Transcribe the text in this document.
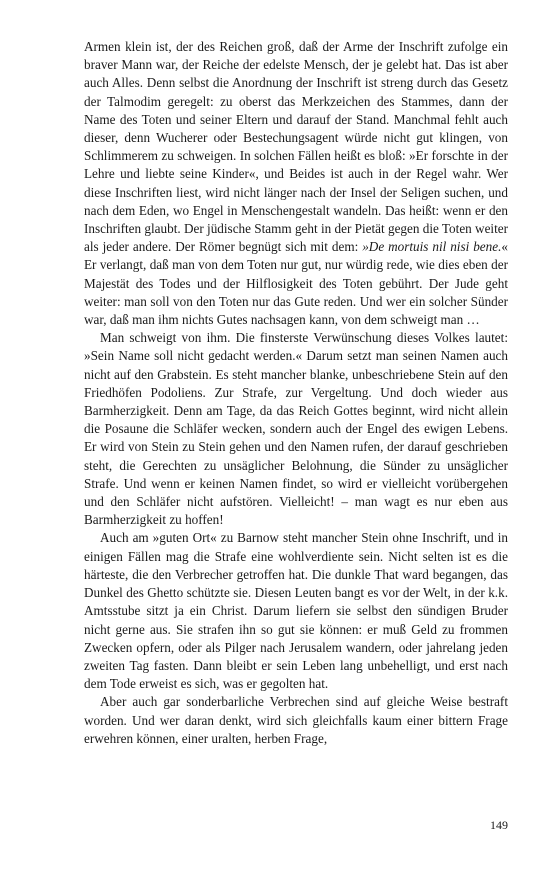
Armen klein ist, der des Reichen groß, daß der Arme der Inschrift zufolge ein braver Mann war, der Reiche der edelste Mensch, der je gelebt hat. Das ist aber auch Alles. Denn selbst die Anordnung der Inschrift ist streng durch das Gesetz der Talmodim geregelt: zu oberst das Merkzeichen des Stammes, dann der Name des Toten und seiner Eltern und darauf der Stand. Manchmal fehlt auch dieser, denn Wucherer oder Bestechungsagent würde nicht gut klingen, von Schlimmerem zu schweigen. In solchen Fällen heißt es bloß: »Er forschte in der Lehre und liebte seine Kinder«, und Beides ist auch in der Regel wahr. Wer diese Inschriften liest, wird nicht länger nach der Insel der Seligen suchen, und nach dem Eden, wo Engel in Menschengestalt wandeln. Das heißt: wenn er den Inschriften glaubt. Der jüdische Stamm geht in der Pietät gegen die Toten weiter als jeder andere. Der Römer begnügt sich mit dem: »De mortuis nil nisi bene.« Er verlangt, daß man von dem Toten nur gut, nur würdig rede, wie dies eben der Majestät des Todes und der Hilflosigkeit des Toten gebührt. Der Jude geht weiter: man soll von den Toten nur das Gute reden. Und wer ein solcher Sünder war, daß man ihm nichts Gutes nachsagen kann, von dem schweigt man …

Man schweigt von ihm. Die finsterste Verwünschung dieses Volkes lautet: »Sein Name soll nicht gedacht werden.« Darum setzt man seinen Namen auch nicht auf den Grabstein. Es steht mancher blanke, unbeschriebene Stein auf den Friedhöfen Podoliens. Zur Strafe, zur Vergeltung. Und doch wieder aus Barmherzigkeit. Denn am Tage, da das Reich Gottes beginnt, wird nicht allein die Posaune die Schläfer wecken, sondern auch der Engel des ewigen Lebens. Er wird von Stein zu Stein gehen und den Namen rufen, der darauf geschrieben steht, die Gerechten zu unsäglicher Belohnung, die Sünder zu unsäglicher Strafe. Und wenn er keinen Namen findet, so wird er vielleicht vorübergehen und den Schläfer nicht aufstören. Vielleicht! – man wagt es nur eben aus Barmherzigkeit zu hoffen!

Auch am »guten Ort« zu Barnow steht mancher Stein ohne Inschrift, und in einigen Fällen mag die Strafe eine wohlverdiente sein. Nicht selten ist es die härteste, die den Verbrecher getroffen hat. Die dunkle That ward begangen, das Dunkel des Ghetto schützte sie. Diesen Leuten bangt es vor der Welt, in der k.k. Amtsstube sitzt ja ein Christ. Darum liefern sie selbst den sündigen Bruder nicht gerne aus. Sie strafen ihn so gut sie können: er muß Geld zu frommen Zwecken opfern, oder als Pilger nach Jerusalem wandern, oder jahrelang jeden zweiten Tag fasten. Dann bleibt er sein Leben lang unbehelligt, und erst nach dem Tode erweist es sich, was er gegolten hat.

Aber auch gar sonderbarliche Verbrechen sind auf gleiche Weise bestraft worden. Und wer daran denkt, wird sich gleichfalls kaum einer bittern Frage erwehren können, einer uralten, herben Frage,

149
